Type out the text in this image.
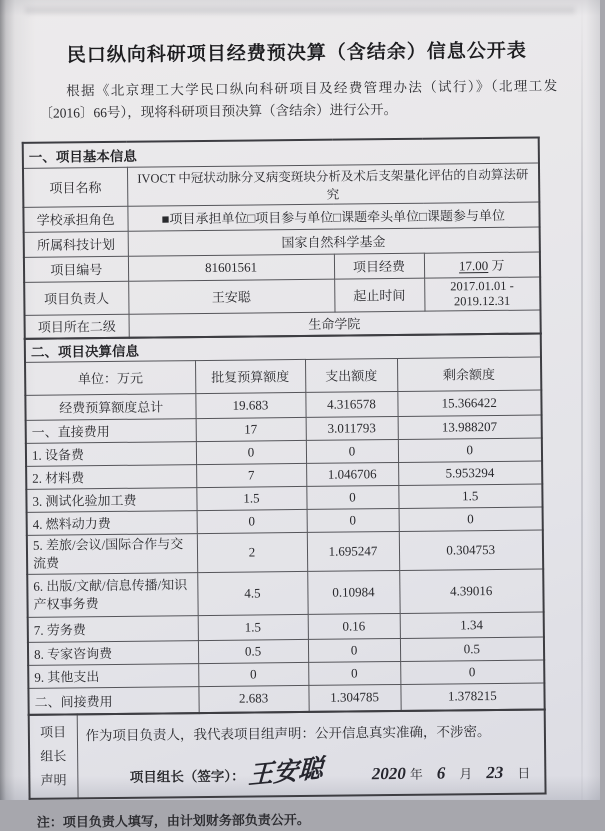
民口纵向科研项目经费预决算（含结余）信息公开表

根据《北京理工大学民口纵向科研项目及经费管理办法（试行）》（北理工发〔2016〕66号），现将科研项目预决算（含结余）进行公开。

一、项目基本信息			
项目名称	IVOCT 中冠状动脉分叉病变斑块分析及术后支架量化评估的自动算法研究		
学校承担角色	■项目承担单位□项目参与单位□课题牵头单位□课题参与单位		
所属科技计划	国家自然科学基金		
项目编号	81601561	项目经费	17.00 万
项目负责人	王安聪	起止时间	2017.01.01 - 2019.12.31
项目所在二级	生命学院		
二、项目决算信息			
单位：万元	批复预算额度	支出额度	剩余额度
经费预算额度总计	19.683	4.316578	15.366422
一、直接费用	17	3.011793	13.988207
1. 设备费	0	0	0
2. 材料费	7	1.046706	5.953294
3. 测试化验加工费	1.5	0	1.5
4. 燃料动力费	0	0	0
5. 差旅/会议/国际合作与交流费	2	1.695247	0.304753
6. 出版/文献/信息传播/知识产权事务费	4.5	0.10984	4.39016
7. 劳务费	1.5	0.16	1.34
8. 专家咨询费	0.5	0	0.5
9. 其他支出	0	0	0
二、间接费用	2.683	1.304785	1.378215
项目
组长
声明

作为项目负责人，我代表项目组声明：公开信息真实准确，不涉密。

项目组长（签字）： 王安聪	2020 年 6 月 23 日
注：项目负责人填写，由计划财务部负责公开。
